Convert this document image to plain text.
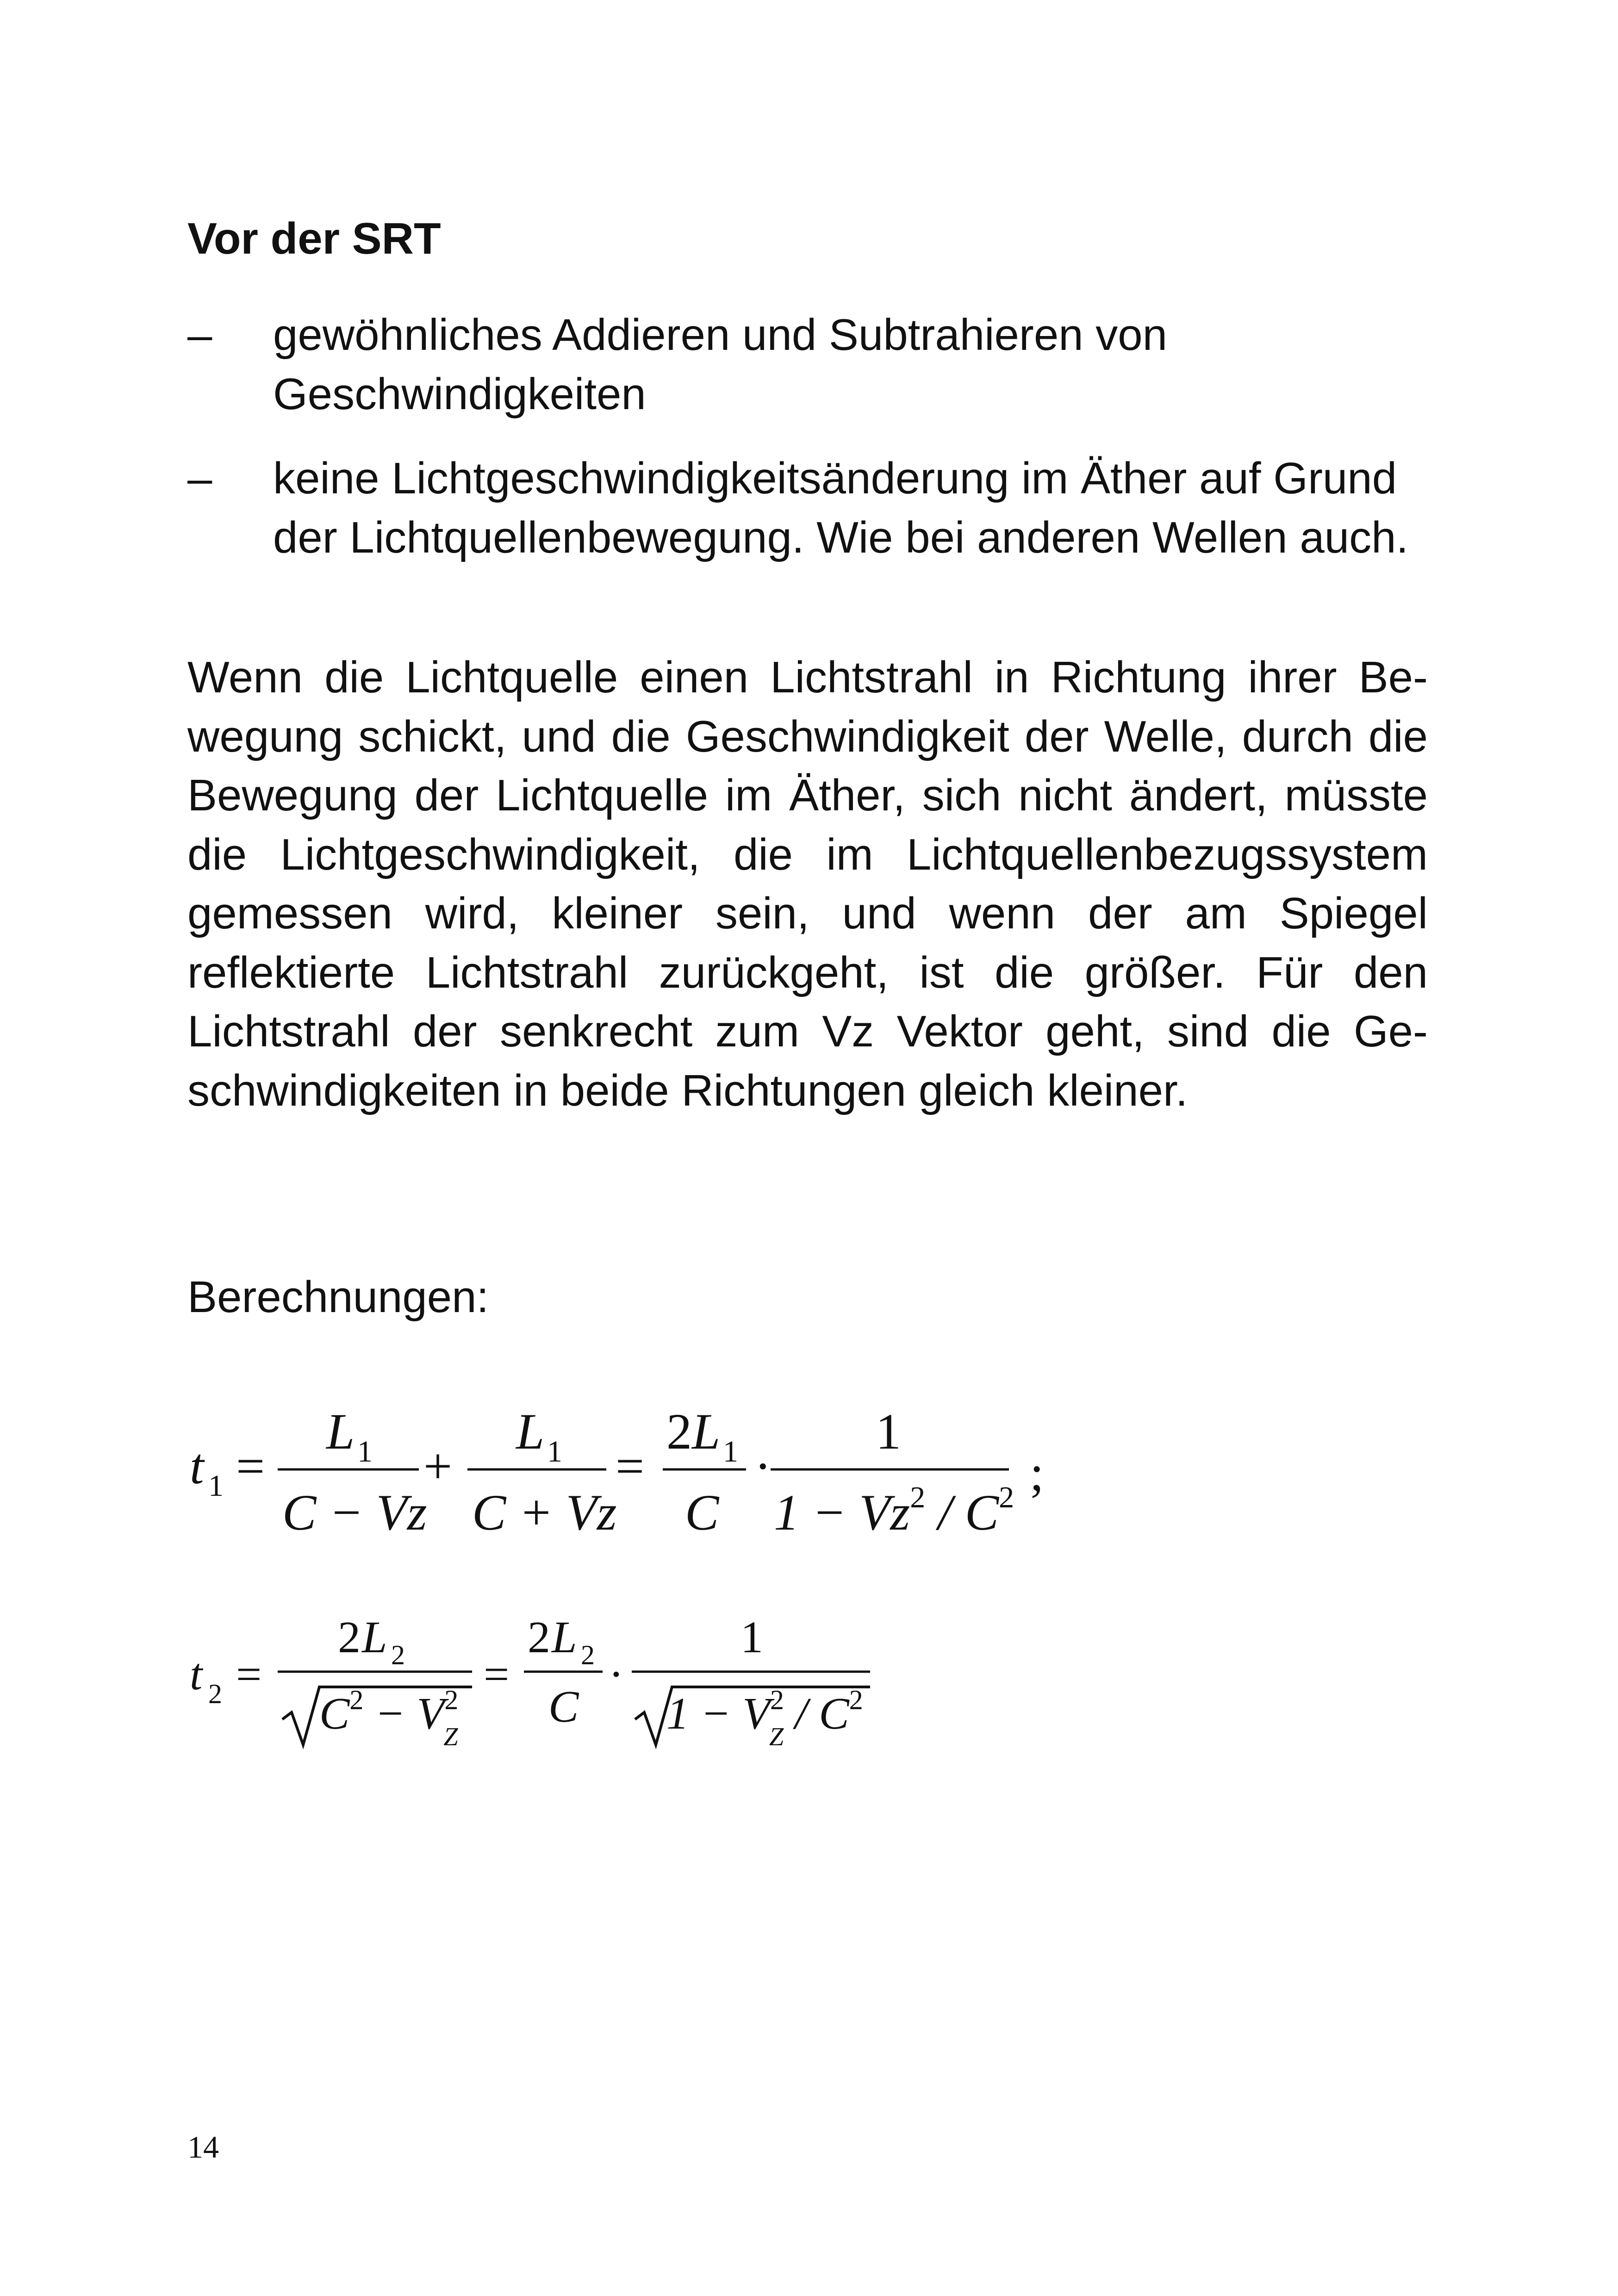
Vor der SRT
– gewöhnliches Addieren und Subtrahieren von Geschwindigkeiten
– keine Lichtgeschwindigkeitsänderung im Äther auf Grund der Lichtquellenbewegung. Wie bei anderen Wellen auch.

Wenn die Lichtquelle einen Lichtstrahl in Richtung ihrer Bewegung schickt, und die Geschwindigkeit der Welle, durch die Bewegung der Lichtquelle im Äther, sich nicht ändert, müsste die Lichtgeschwindigkeit, die im Lichtquellenbezugssystem gemessen wird, kleiner sein, und wenn der am Spiegel reflektierte Lichtstrahl zurückgeht, ist die größer. Für den Lichtstrahl der senkrecht zum Vz Vektor geht, sind die Geschwindigkeiten in beide Richtungen gleich kleiner.

Berechnungen:

t 1 =
L 1
C − Vz
+
L 1
C + Vz
=
2 L 1
C
·
1
$1 - Vz^2 / C^2$ ;
t 2 =
2 L 2
$C^2 - V^2$ Z
=
2 L 2
C
·
1
$1 - V^2$ Z / $C^2$
14
